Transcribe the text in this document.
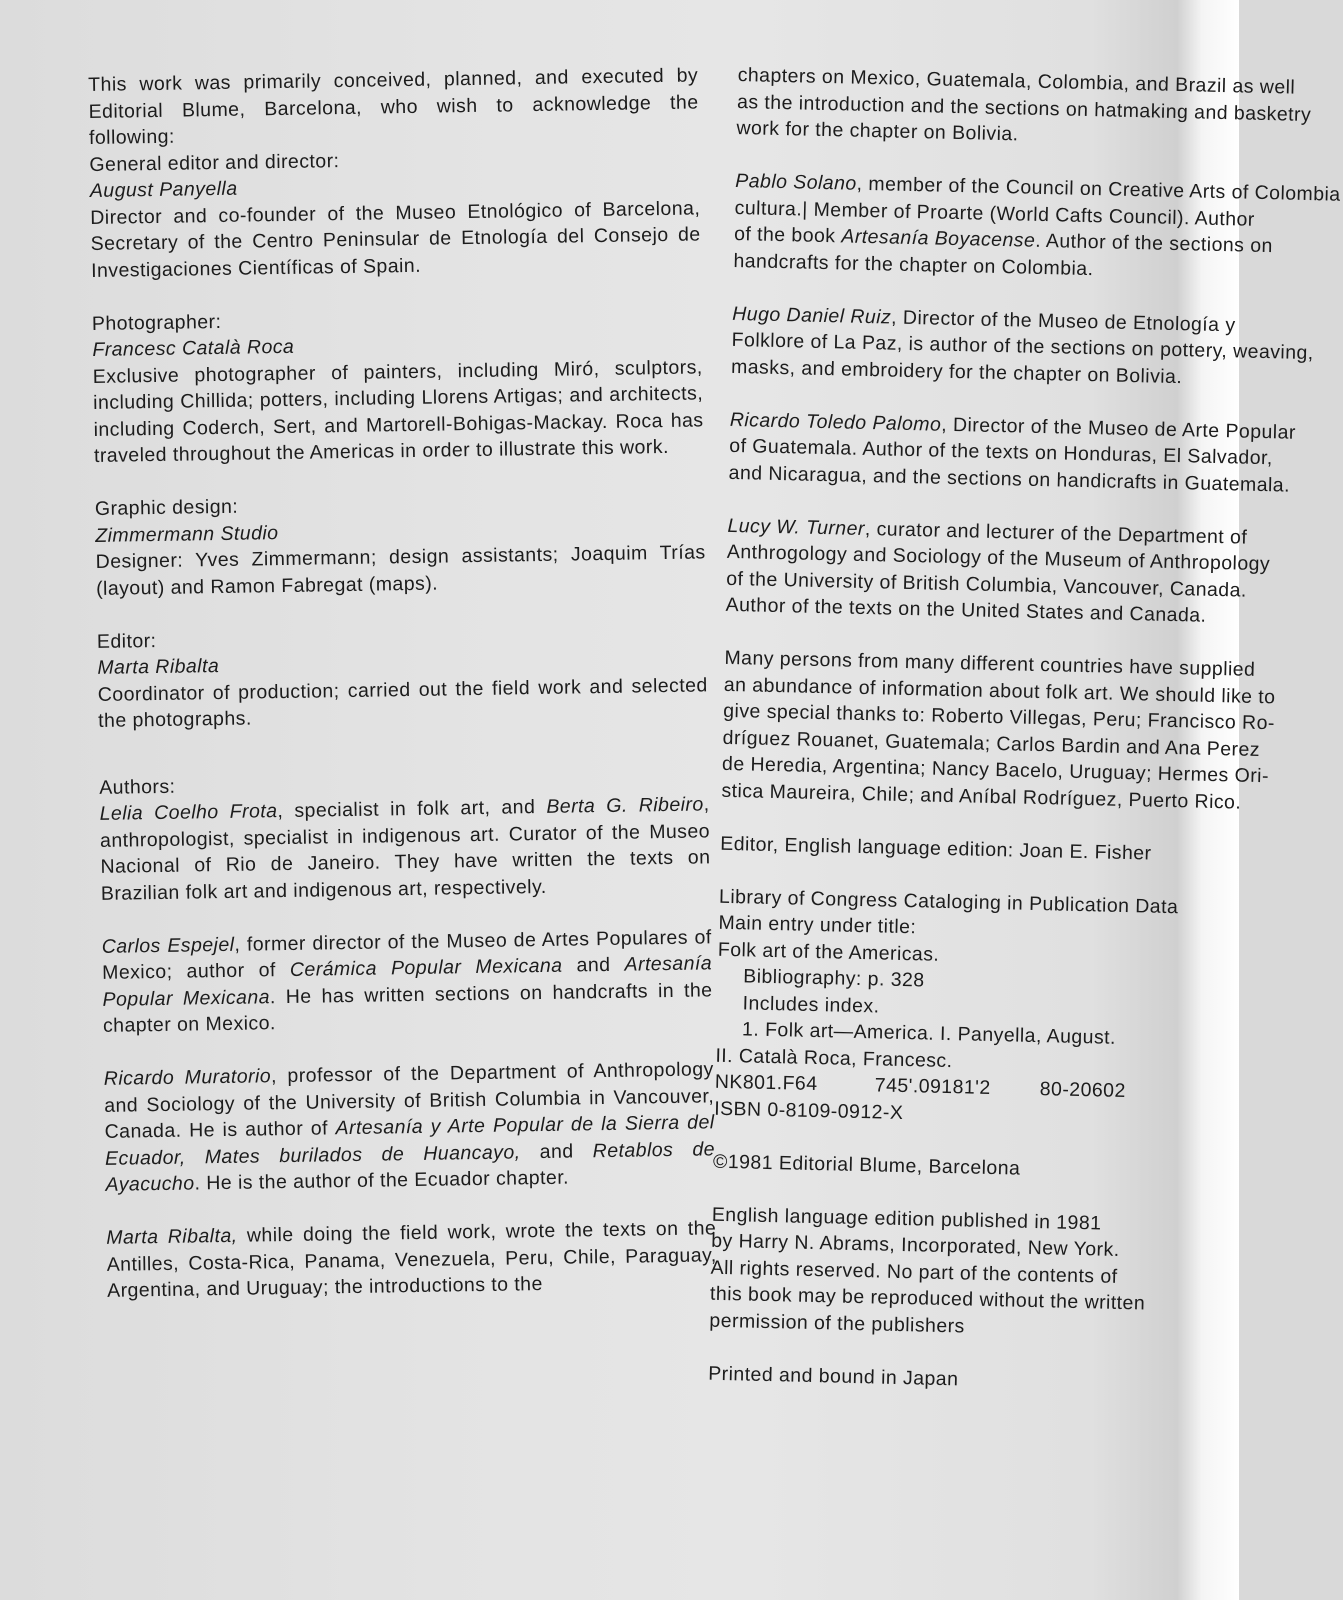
This work was primarily conceived, planned, and executed by Editorial Blume, Barcelona, who wish to acknowledge the following:

General editor and director:
August Panyella
Director and co-founder of the Museo Etnológico of Barcelona, Secretary of the Centro Peninsular de Etnología del Consejo de Investigaciones Científicas of Spain.
Photographer:
Francesc Català Roca
Exclusive photographer of painters, including Miró, sculptors, including Chillida; potters, including Llorens Artigas; and architects, including Coderch, Sert, and Martorell-Bohigas-Mackay. Roca has traveled throughout the Americas in order to illustrate this work.
Graphic design:
Zimmermann Studio
Designer: Yves Zimmermann; design assistants; Joaquim Trías (layout) and Ramon Fabregat (maps).
Editor:
Marta Ribalta
Coordinator of production; carried out the field work and selected the photographs.
Authors:
Lelia Coelho Frota, specialist in folk art, and Berta G. Ribeiro, anthropologist, specialist in indigenous art. Curator of the Museo Nacional of Rio de Janeiro. They have written the texts on Brazilian folk art and indigenous art, respectively.
Carlos Espejel, former director of the Museo de Artes Populares of Mexico; author of Cerámica Popular Mexicana and Artesanía Popular Mexicana. He has written sections on handcrafts in the chapter on Mexico.
Ricardo Muratorio, professor of the Department of Anthropology and Sociology of the University of British Columbia in Vancouver, Canada. He is author of Artesanía y Arte Popular de la Sierra del Ecuador, Mates burilados de Huancayo, and Retablos de Ayacucho. He is the author of the Ecuador chapter.
Marta Ribalta, while doing the field work, wrote the texts on the Antilles, Costa-Rica, Panama, Venezuela, Peru, Chile, Paraguay, Argentina, and Uruguay; the introductions to the
chapters on Mexico, Guatemala, Colombia, and Brazil as well
as the introduction and the sections on hatmaking and basketry
work for the chapter on Bolivia.
Pablo Solano, member of the Council on Creative Arts of Colombia
cultura.| Member of Proarte (World Cafts Council). Author
of the book Artesanía Boyacense. Author of the sections on
handcrafts for the chapter on Colombia.
Hugo Daniel Ruiz, Director of the Museo de Etnología y
Folklore of La Paz, is author of the sections on pottery, weaving,
masks, and embroidery for the chapter on Bolivia.
Ricardo Toledo Palomo, Director of the Museo de Arte Popular
of Guatemala. Author of the texts on Honduras, El Salvador,
and Nicaragua, and the sections on handicrafts in Guatemala.
Lucy W. Turner, curator and lecturer of the Department of
Anthrogology and Sociology of the Museum of Anthropology
of the University of British Columbia, Vancouver, Canada.
Author of the texts on the United States and Canada.
Many persons from many different countries have supplied
an abundance of information about folk art. We should like to
give special thanks to: Roberto Villegas, Peru; Francisco Ro-
dríguez Rouanet, Guatemala; Carlos Bardin and Ana Perez
de Heredia, Argentina; Nancy Bacelo, Uruguay; Hermes Ori-
stica Maureira, Chile; and Aníbal Rodríguez, Puerto Rico.
Editor, English language edition: Joan E. Fisher
Library of Congress Cataloging in Publication Data
Main entry under title:
Folk art of the Americas.
Bibliography: p. 328
Includes index.
1. Folk art—America. I. Panyella, August.
II. Català Roca, Francesc.
NK801.F64	745'.09181'2 80-20602
ISBN 0-8109-0912-X
©1981 Editorial Blume, Barcelona
English language edition published in 1981
by Harry N. Abrams, Incorporated, New York.
All rights reserved. No part of the contents of
this book may be reproduced without the written
permission of the publishers
Printed and bound in Japan
